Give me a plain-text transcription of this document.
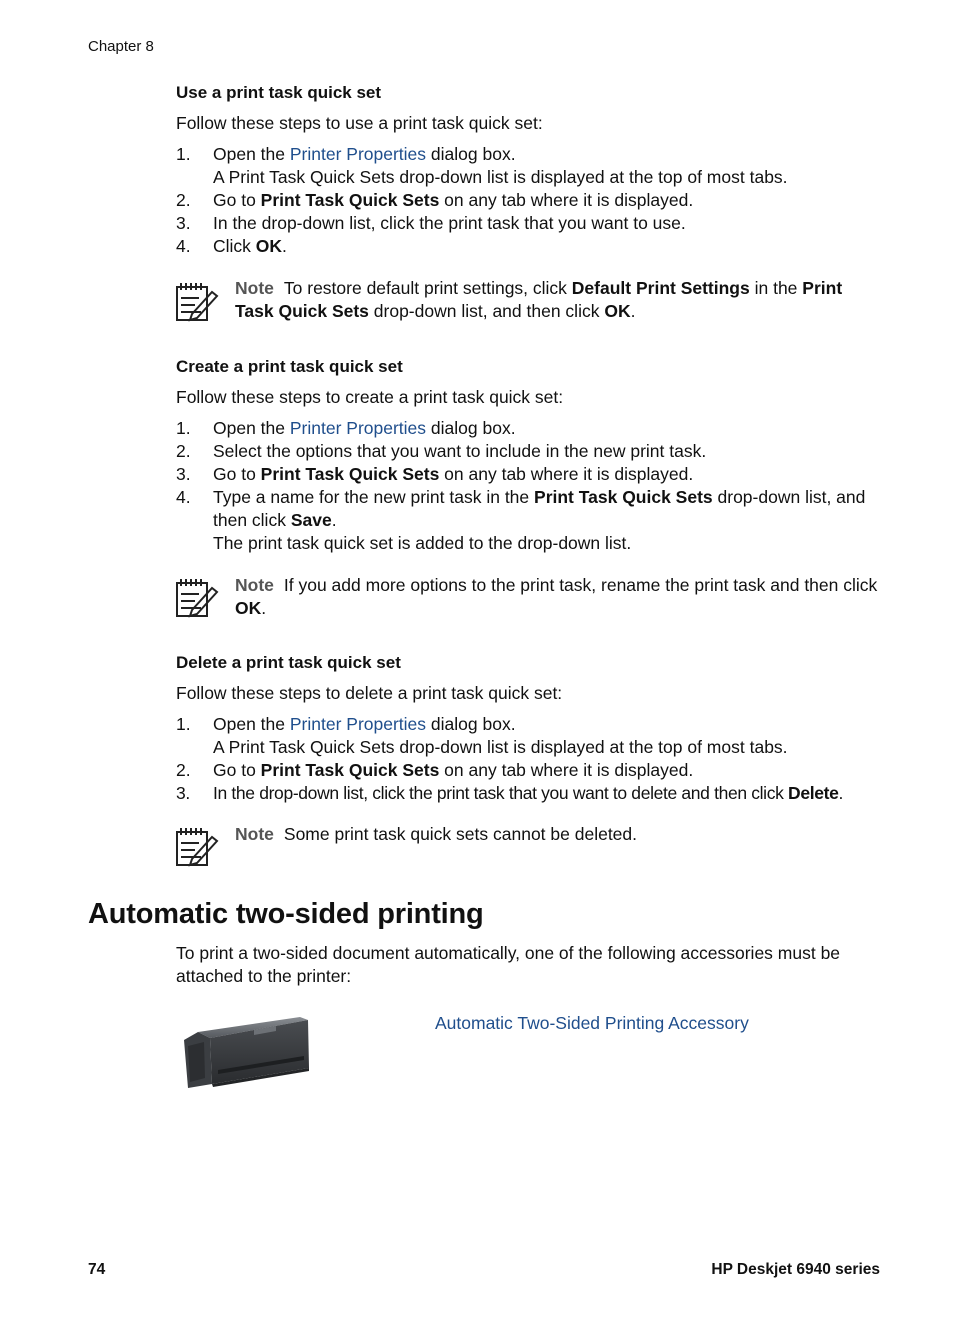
Chapter 8
Use a print task quick set
Follow these steps to use a print task quick set:
1. Open the Printer Properties dialog box.
A Print Task Quick Sets drop-down list is displayed at the top of most tabs.
2. Go to Print Task Quick Sets on any tab where it is displayed.
3. In the drop-down list, click the print task that you want to use.
4. Click OK.
Note To restore default print settings, click Default Print Settings in the Print Task Quick Sets drop-down list, and then click OK.
Create a print task quick set
Follow these steps to create a print task quick set:
1. Open the Printer Properties dialog box.
2. Select the options that you want to include in the new print task.
3. Go to Print Task Quick Sets on any tab where it is displayed.
4. Type a name for the new print task in the Print Task Quick Sets drop-down list, and then click Save.
The print task quick set is added to the drop-down list.
Note If you add more options to the print task, rename the print task and then click OK.
Delete a print task quick set
Follow these steps to delete a print task quick set:
1. Open the Printer Properties dialog box.
A Print Task Quick Sets drop-down list is displayed at the top of most tabs.
2. Go to Print Task Quick Sets on any tab where it is displayed.
3. In the drop-down list, click the print task that you want to delete and then click Delete.
Note Some print task quick sets cannot be deleted.
Automatic two-sided printing
To print a two-sided document automatically, one of the following accessories must be attached to the printer:
Automatic Two-Sided Printing Accessory
74	HP Deskjet 6940 series
